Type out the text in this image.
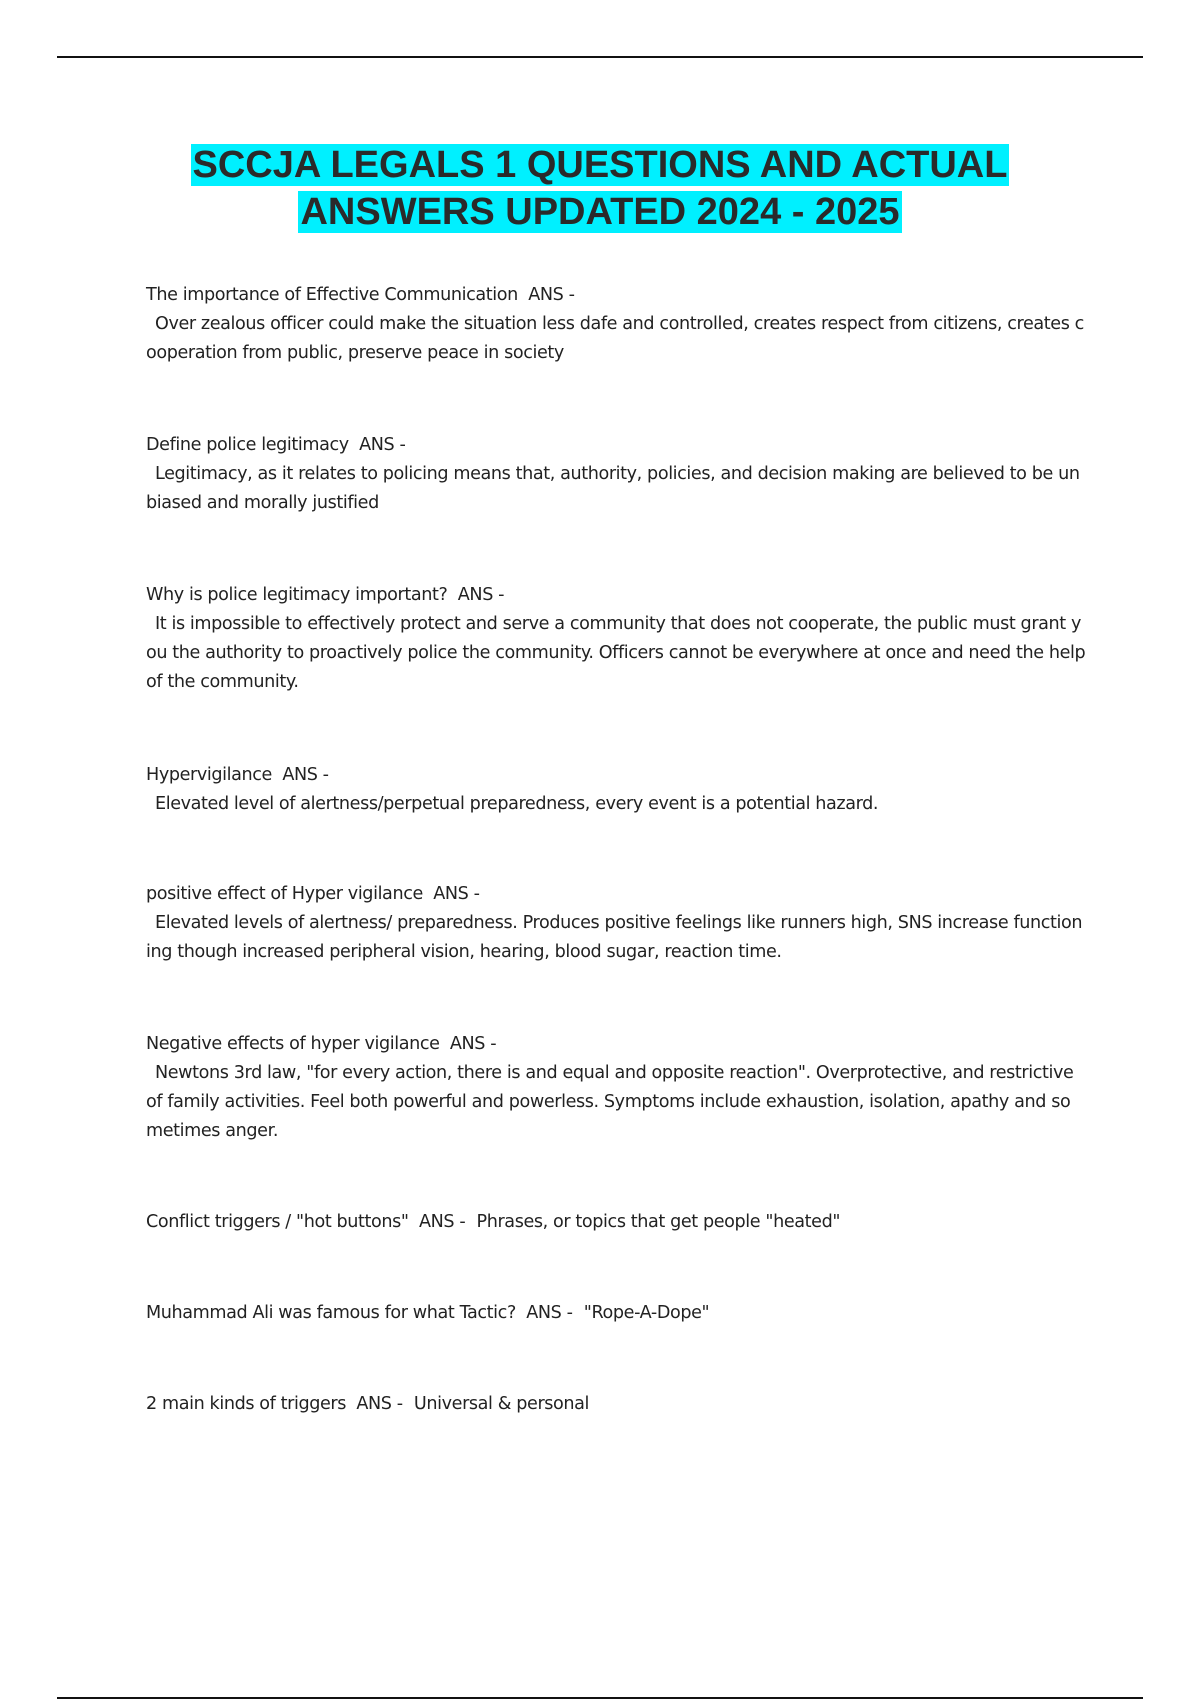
SCCJA LEGALS 1 QUESTIONS AND ACTUAL
ANSWERS UPDATED 2024 - 2025
The importance of Effective Communication  ANS -
Over zealous officer could make the situation less dafe and controlled, creates respect from citizens, creates cooperation from public, preserve peace in society
Define police legitimacy  ANS -
Legitimacy, as it relates to policing means that, authority, policies, and decision making are believed to be unbiased and morally justified
Why is police legitimacy important?  ANS -
It is impossible to effectively protect and serve a community that does not cooperate, the public must grant you the authority to proactively police the community. Officers cannot be everywhere at once and need the help of the community.
Hypervigilance  ANS -
Elevated level of alertness/perpetual preparedness, every event is a potential hazard.
positive effect of Hyper vigilance  ANS -
Elevated levels of alertness/ preparedness. Produces positive feelings like runners high, SNS increase functioning though increased peripheral vision, hearing, blood sugar, reaction time.
Negative effects of hyper vigilance  ANS -
Newtons 3rd law, "for every action, there is and equal and opposite reaction". Overprotective, and restrictive of family activities. Feel both powerful and powerless. Symptoms include exhaustion, isolation, apathy and sometimes anger.
Conflict triggers / "hot buttons"  ANS - Phrases, or topics that get people "heated"
Muhammad Ali was famous for what Tactic?  ANS - "Rope-A-Dope"
2 main kinds of triggers  ANS - Universal & personal
